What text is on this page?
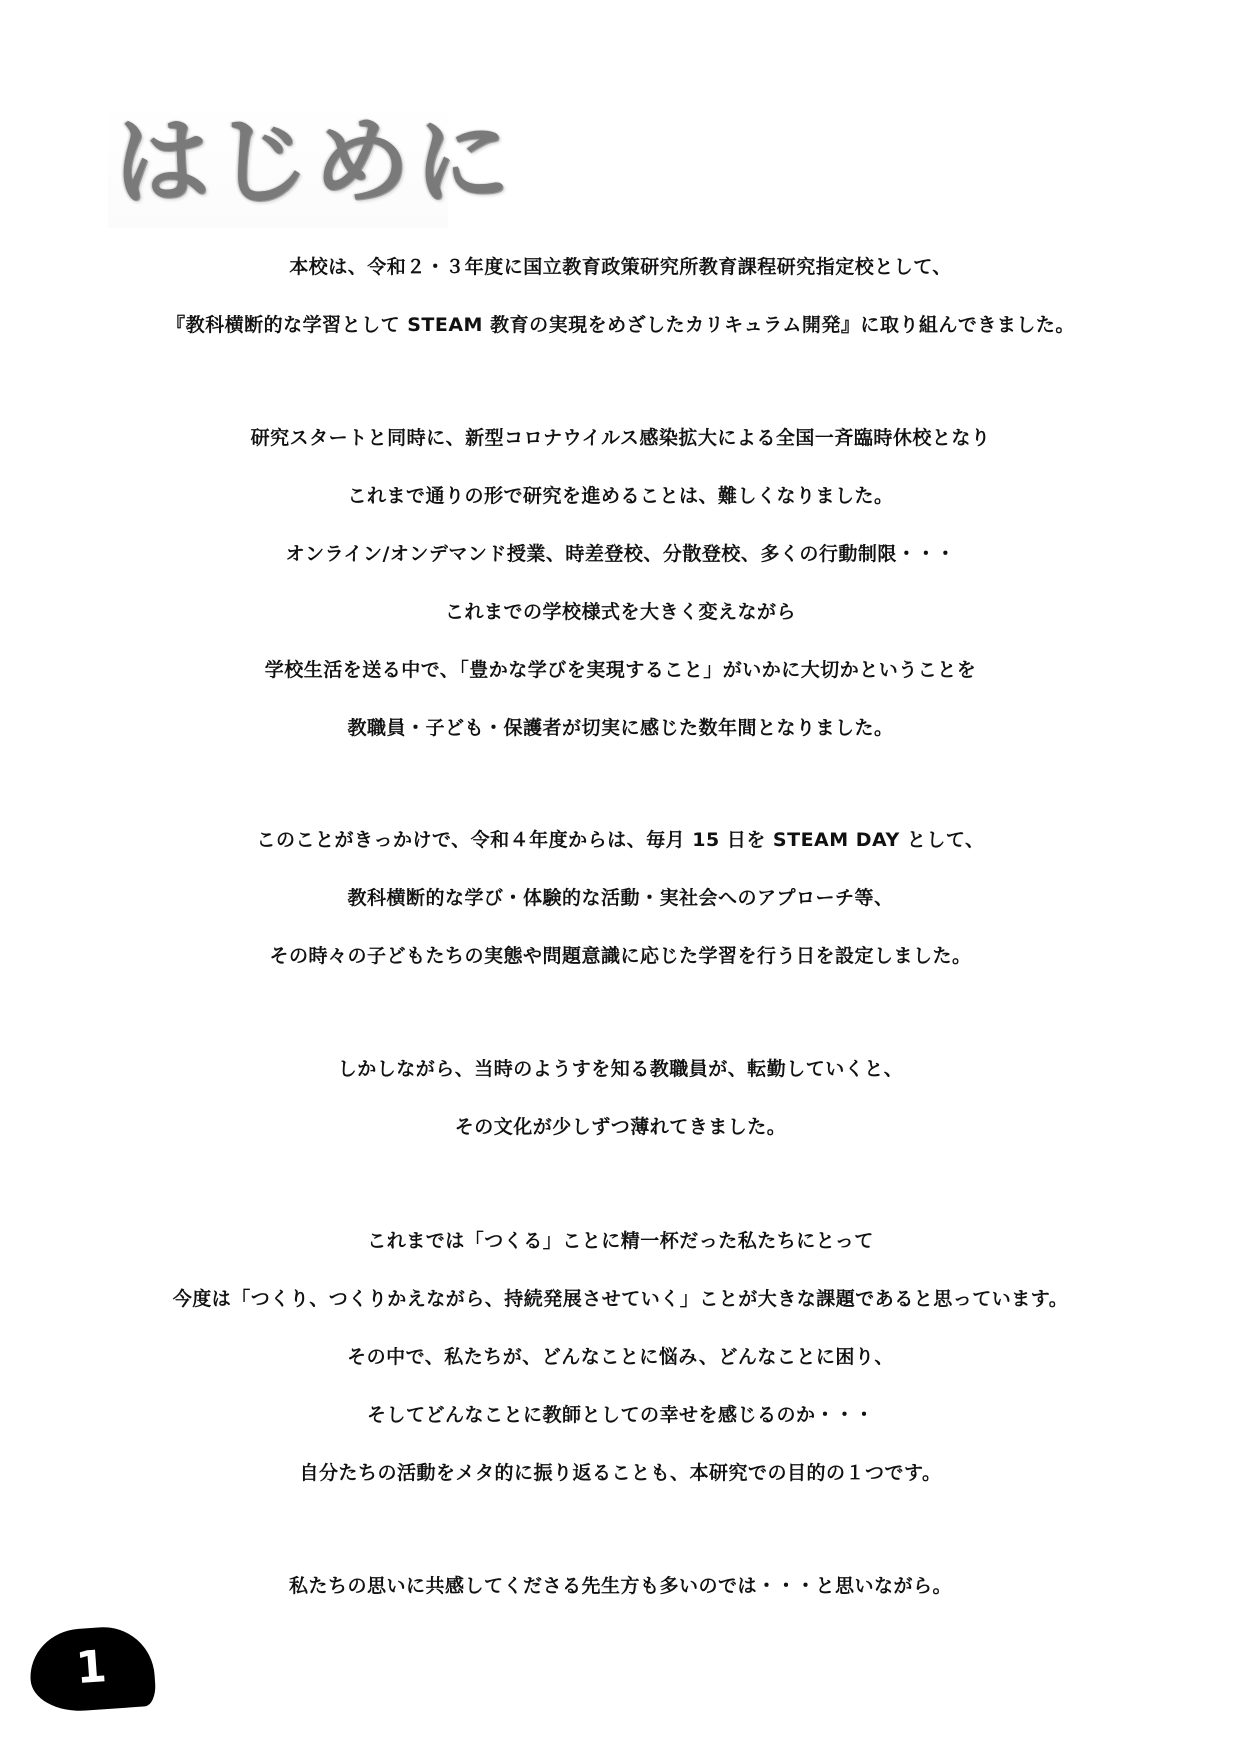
はじめに
本校は、令和２・３年度に国立教育政策研究所教育課程研究指定校として、
『教科横断的な学習として STEAM 教育の実現をめざしたカリキュラム開発』に取り組んできました。
研究スタートと同時に、新型コロナウイルス感染拡大による全国一斉臨時休校となり
これまで通りの形で研究を進めることは、難しくなりました。
オンライン/オンデマンド授業、時差登校、分散登校、多くの行動制限・・・
これまでの学校様式を大きく変えながら
学校生活を送る中で、「豊かな学びを実現すること」がいかに大切かということを
教職員・子ども・保護者が切実に感じた数年間となりました。
このことがきっかけで、令和４年度からは、毎月 15 日を STEAM DAY として、
教科横断的な学び・体験的な活動・実社会へのアプローチ等、
その時々の子どもたちの実態や問題意識に応じた学習を行う日を設定しました。
しかしながら、当時のようすを知る教職員が、転勤していくと、
その文化が少しずつ薄れてきました。
これまでは「つくる」ことに精一杯だった私たちにとって
今度は「つくり、つくりかえながら、持続発展させていく」ことが大きな課題であると思っています。
その中で、私たちが、どんなことに悩み、どんなことに困り、
そしてどんなことに教師としての幸せを感じるのか・・・
自分たちの活動をメタ的に振り返ることも、本研究での目的の１つです。
私たちの思いに共感してくださる先生方も多いのでは・・・と思いながら。
1
